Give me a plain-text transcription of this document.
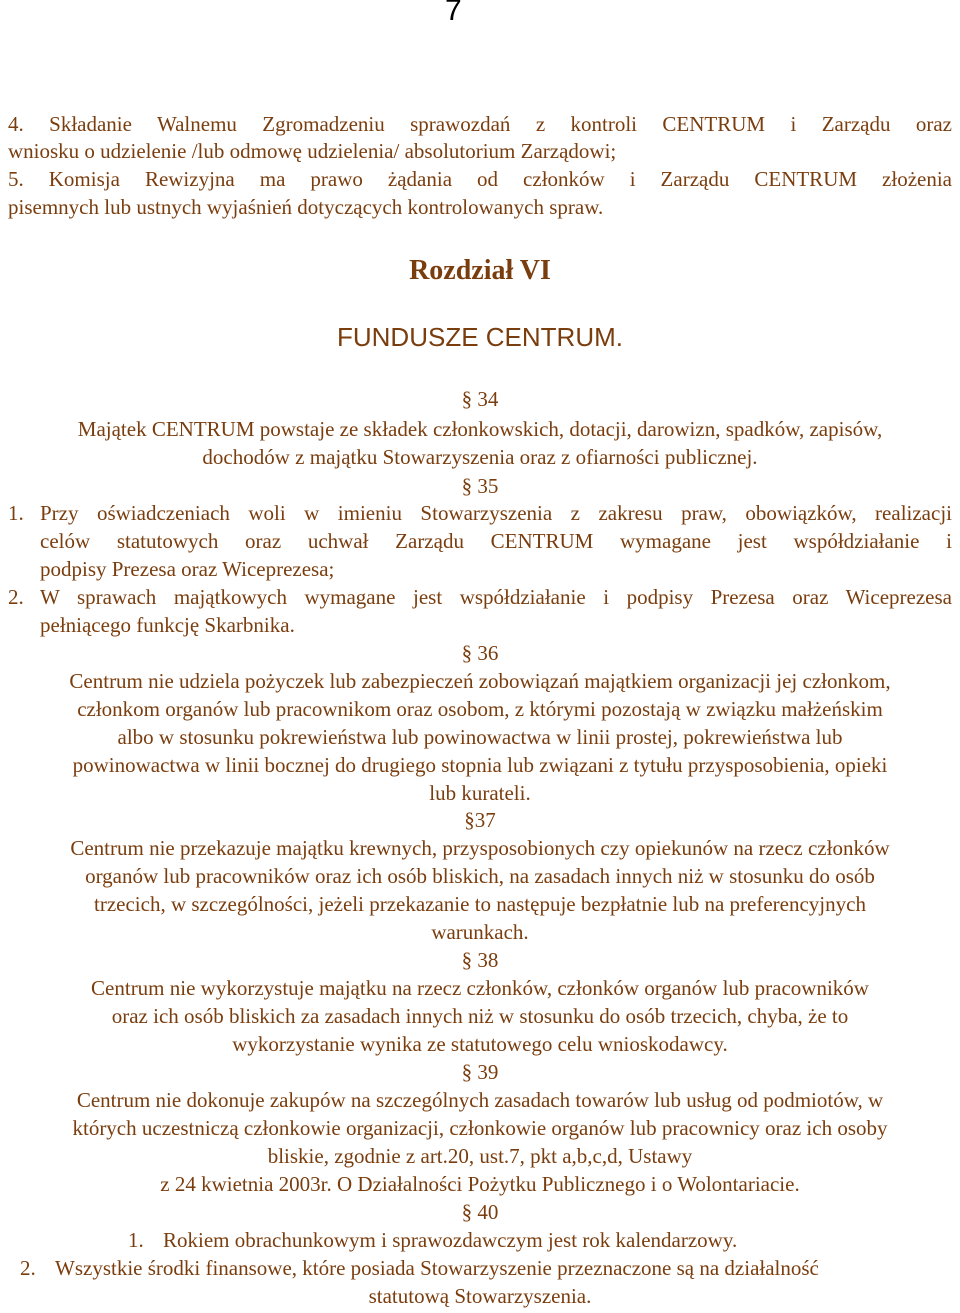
7
4. Składanie Walnemu Zgromadzeniu sprawozdań z kontroli CENTRUM i Zarządu oraz
wniosku o udzielenie /lub odmowę udzielenia/ absolutorium Zarządowi;
5. Komisja Rewizyjna ma prawo żądania od członków i Zarządu CENTRUM złożenia
pisemnych lub ustnych wyjaśnień dotyczących kontrolowanych spraw.
Rozdział VI
FUNDUSZE CENTRUM.
§ 34
Majątek CENTRUM powstaje ze składek członkowskich, dotacji, darowizn, spadków, zapisów,
dochodów z majątku Stowarzyszenia oraz z ofiarności publicznej.
§ 35
1. Przy oświadczeniach woli w imieniu Stowarzyszenia z zakresu praw, obowiązków, realizacji
celów statutowych oraz uchwał Zarządu CENTRUM wymagane jest współdziałanie i
podpisy Prezesa oraz Wiceprezesa;
2. W sprawach majątkowych wymagane jest współdziałanie i podpisy Prezesa oraz Wiceprezesa
pełniącego funkcję Skarbnika.
§ 36
Centrum nie udziela pożyczek lub zabezpieczeń zobowiązań majątkiem organizacji jej członkom,
członkom organów lub pracownikom oraz osobom, z którymi pozostają w związku małżeńskim
albo w stosunku pokrewieństwa lub powinowactwa w linii prostej, pokrewieństwa lub
powinowactwa w linii bocznej do drugiego stopnia lub związani z tytułu przysposobienia, opieki
lub kurateli.
§37
Centrum nie przekazuje majątku krewnych, przysposobionych czy opiekunów na rzecz członków
organów lub pracowników oraz ich osób bliskich, na zasadach innych niż w stosunku do osób
trzecich, w szczególności, jeżeli przekazanie to następuje bezpłatnie lub na preferencyjnych
warunkach.
§ 38
Centrum nie wykorzystuje majątku na rzecz członków, członków organów lub pracowników
oraz ich osób bliskich za zasadach innych niż w stosunku do osób trzecich, chyba, że to
wykorzystanie wynika ze statutowego celu wnioskodawcy.
§ 39
Centrum nie dokonuje zakupów na szczególnych zasadach towarów lub usług od podmiotów, w
których uczestniczą członkowie organizacji, członkowie organów lub pracownicy oraz ich osoby
bliskie, zgodnie z art.20, ust.7, pkt a,b,c,d, Ustawy
z 24 kwietnia 2003r. O Działalności Pożytku Publicznego i o Wolontariacie.
§ 40
1. Rokiem obrachunkowym i sprawozdawczym jest rok kalendarzowy.
2. Wszystkie środki finansowe, które posiada Stowarzyszenie przeznaczone są na działalność
statutową Stowarzyszenia.
